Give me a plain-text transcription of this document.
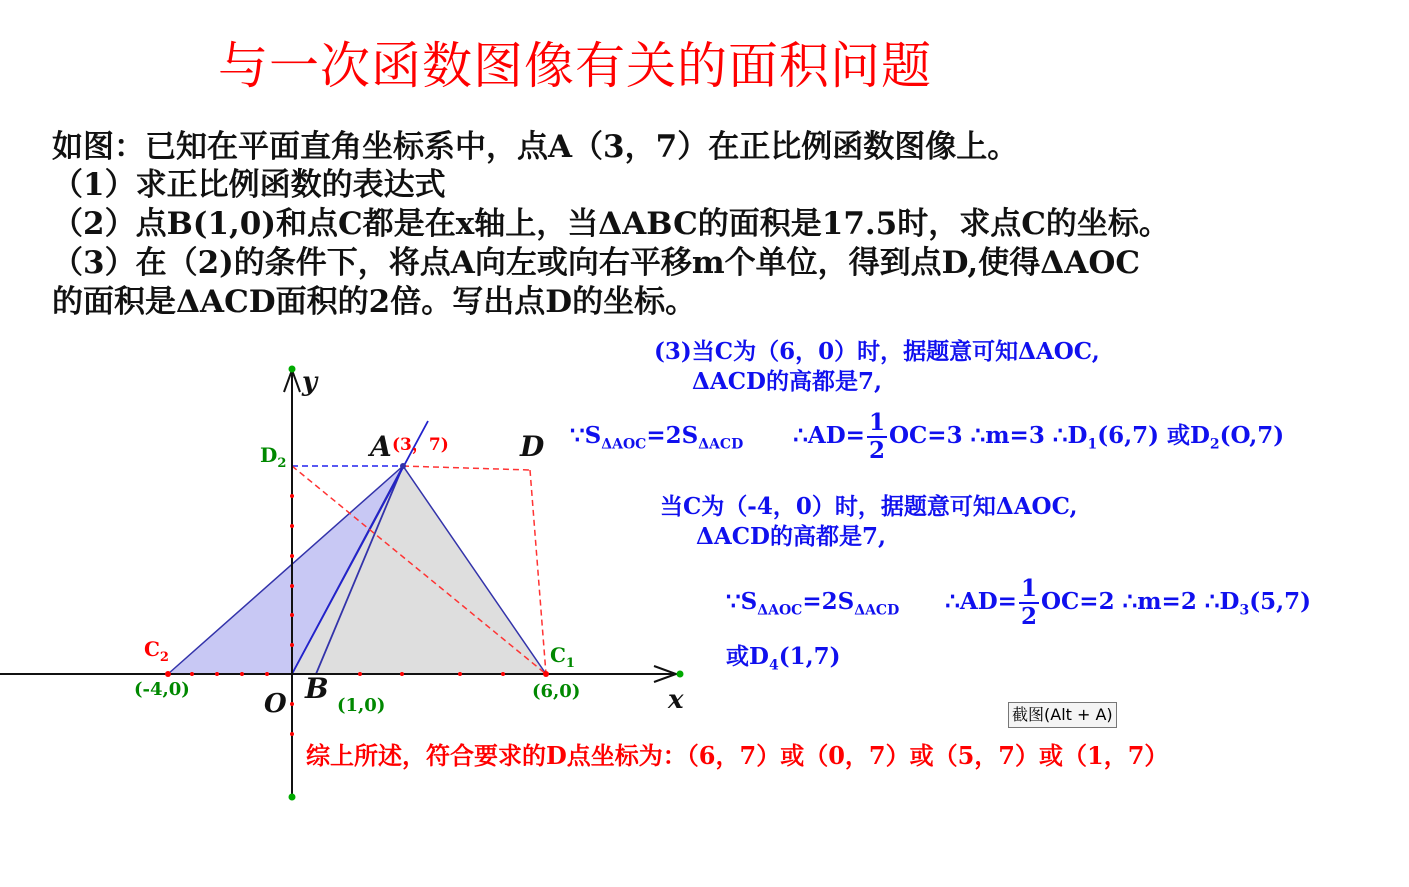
与一次函数图像有关的面积问题
如图：已知在平面直角坐标系中，点A（3，7）在正比例函数图像上。
（1）求正比例函数的表达式
（2）点B(1,0)和点C都是在x轴上，当ΔABC的面积是17.5时，求点C的坐标。
（3）在（2)的条件下，将点A向左或向右平移m个单位，得到点D,使得ΔAOC
的面积是ΔACD面积的2倍。写出点D的坐标。
(3)当C为（6，0）时，据题意可知ΔAOC,
ΔACD的高都是7,
$\because S_{\Delta AOC}=2S_{\Delta ACD}$ ∴AD= $\frac{1}{2} OC=3$ ∴m=3 $\therefore D_1(6,7)$ 或$D_2(O,7)$
当C为（-4，0）时，据题意可知ΔAOC,
ΔACD的高都是7,
$\because S_{\Delta AOC}=2S_{\Delta ACD}$ ∴AD= $\frac{1}{2} OC=2$ ∴m=2 $\therefore D_3(5,7)$
或$D_4(1,7)$
综上所述，符合要求的D点坐标为：（6，7）或（0，7）或（5，7）或（1，7）
截图(Alt + A)
y
x
O
A (3，7)	D
$D_2$
B
(1,0)
$C_1$
(6,0)
$C_2$
(-4,0)
